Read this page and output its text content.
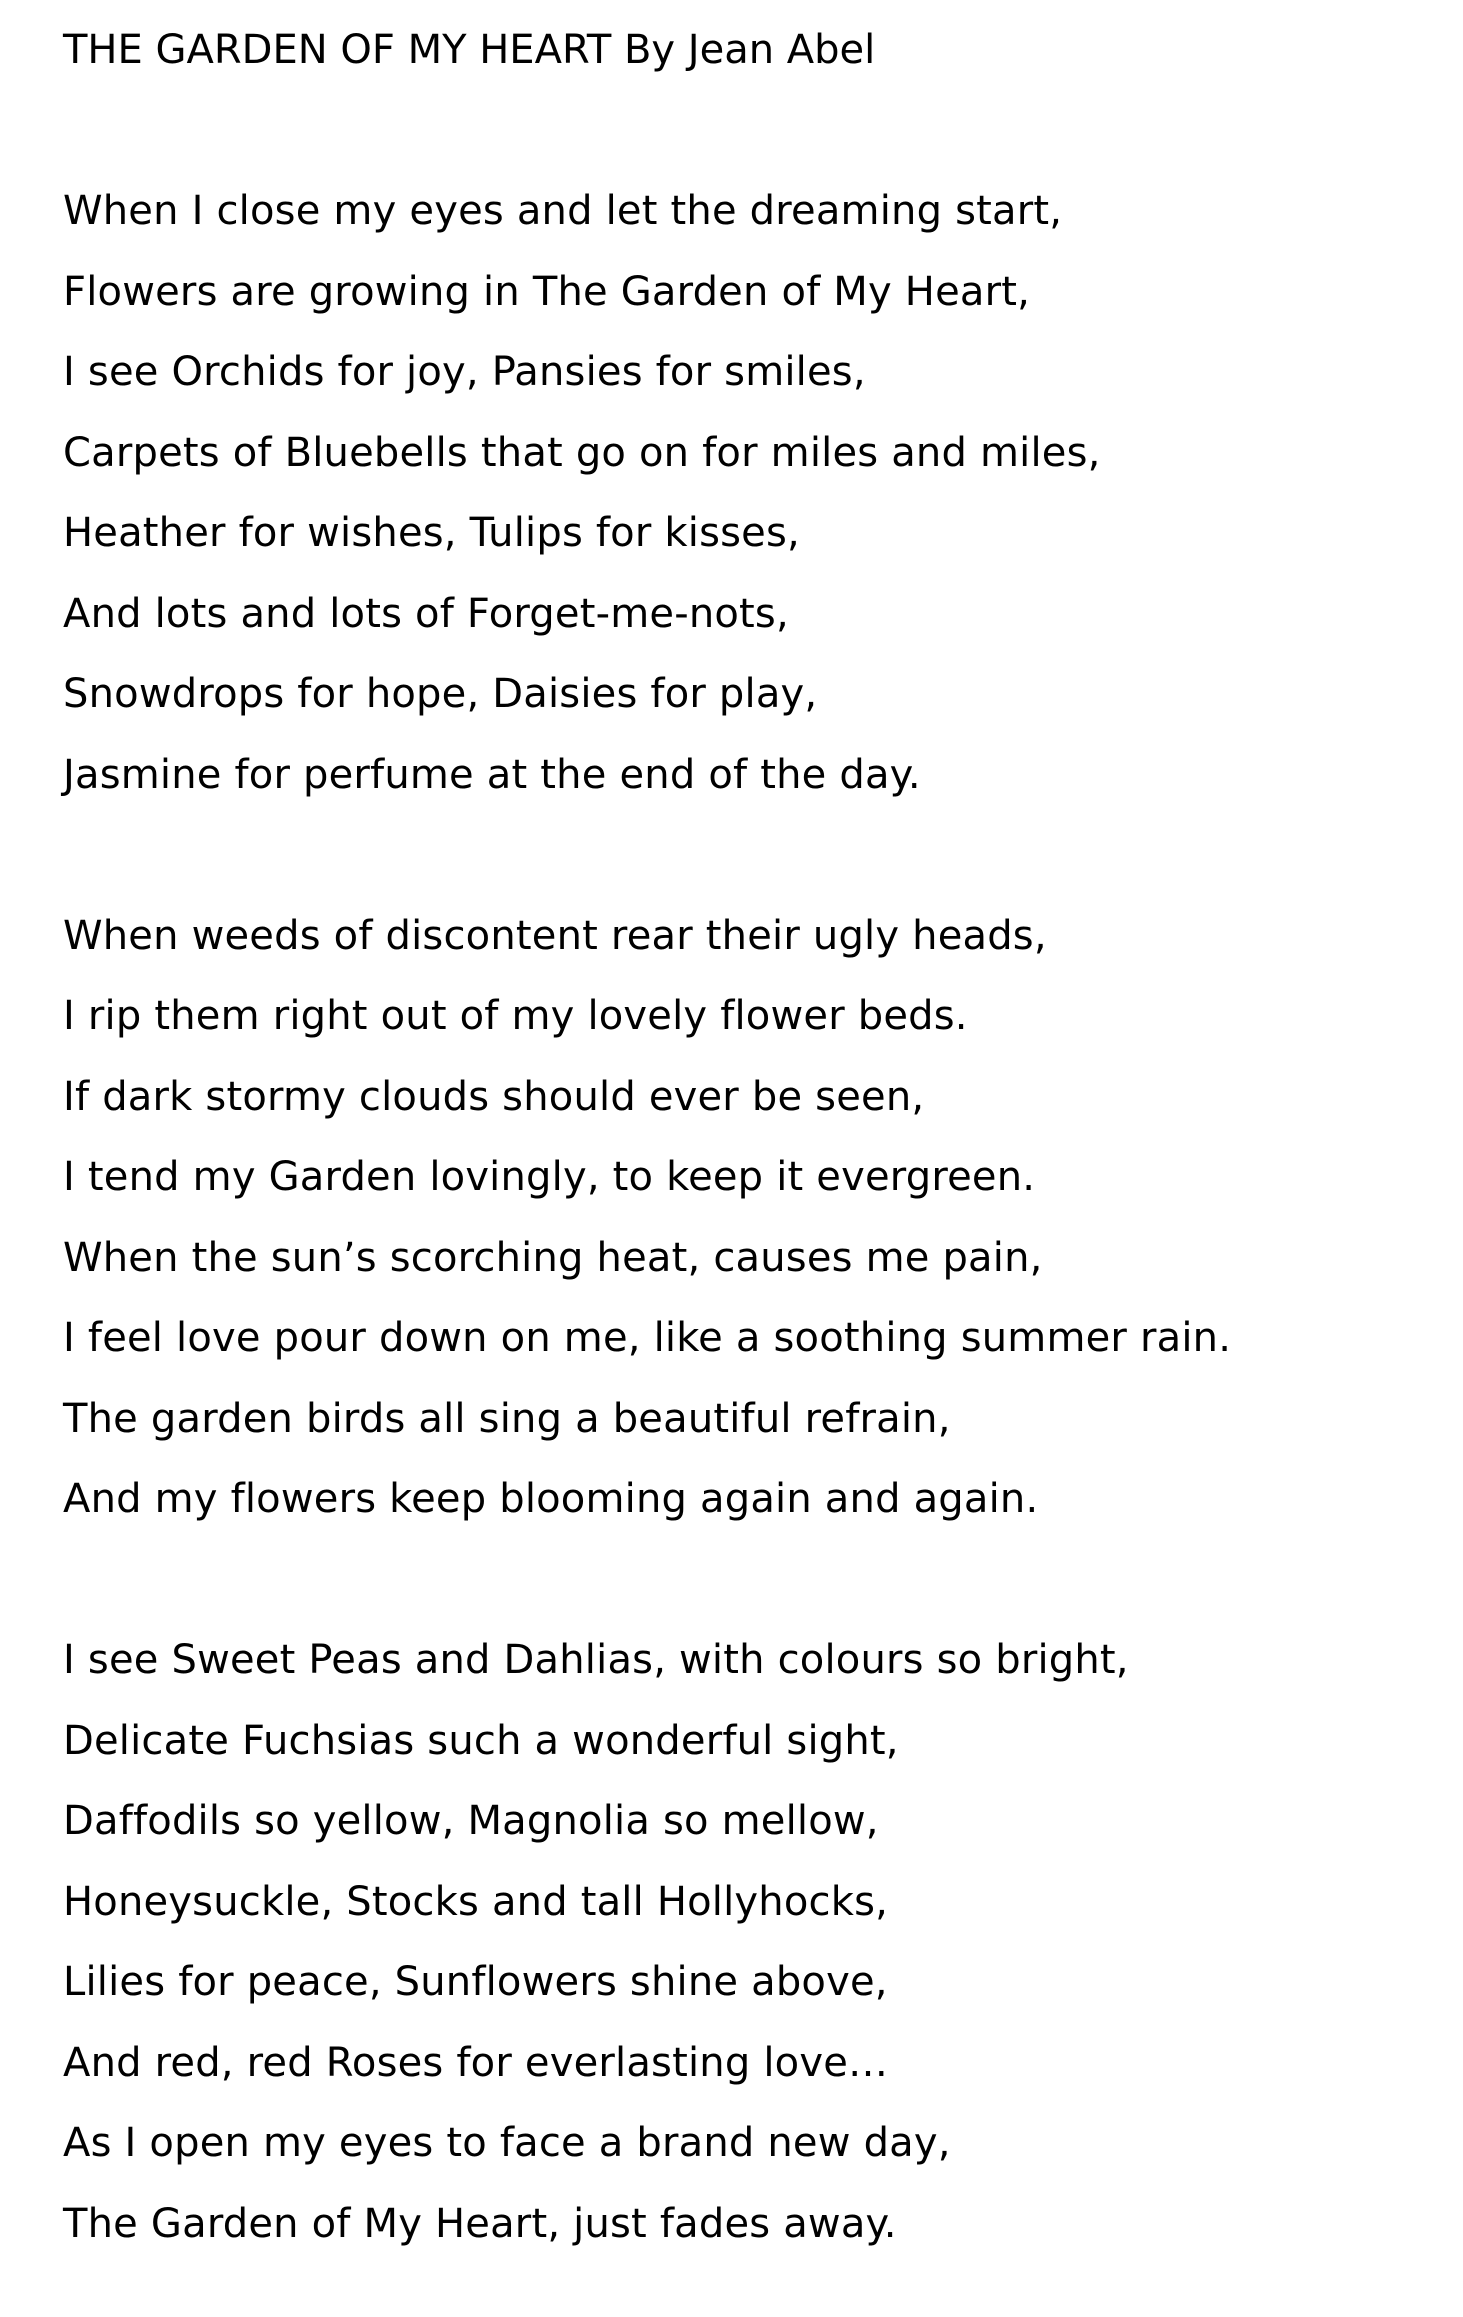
THE GARDEN OF MY HEART By Jean Abel
When I close my eyes and let the dreaming start,
Flowers are growing in The Garden of My Heart,
I see Orchids for joy, Pansies for smiles,
Carpets of Bluebells that go on for miles and miles,
Heather for wishes, Tulips for kisses,
And lots and lots of Forget-me-nots,
Snowdrops for hope, Daisies for play,
Jasmine for perfume at the end of the day.
When weeds of discontent rear their ugly heads,
I rip them right out of my lovely flower beds.
If dark stormy clouds should ever be seen,
I tend my Garden lovingly, to keep it evergreen.
When the sun’s scorching heat, causes me pain,
I feel love pour down on me, like a soothing summer rain.
The garden birds all sing a beautiful refrain,
And my flowers keep blooming again and again.
I see Sweet Peas and Dahlias, with colours so bright,
Delicate Fuchsias such a wonderful sight,
Daffodils so yellow, Magnolia so mellow,
Honeysuckle, Stocks and tall Hollyhocks,
Lilies for peace, Sunflowers shine above,
And red, red Roses for everlasting love…
As I open my eyes to face a brand new day,
The Garden of My Heart, just fades away.
